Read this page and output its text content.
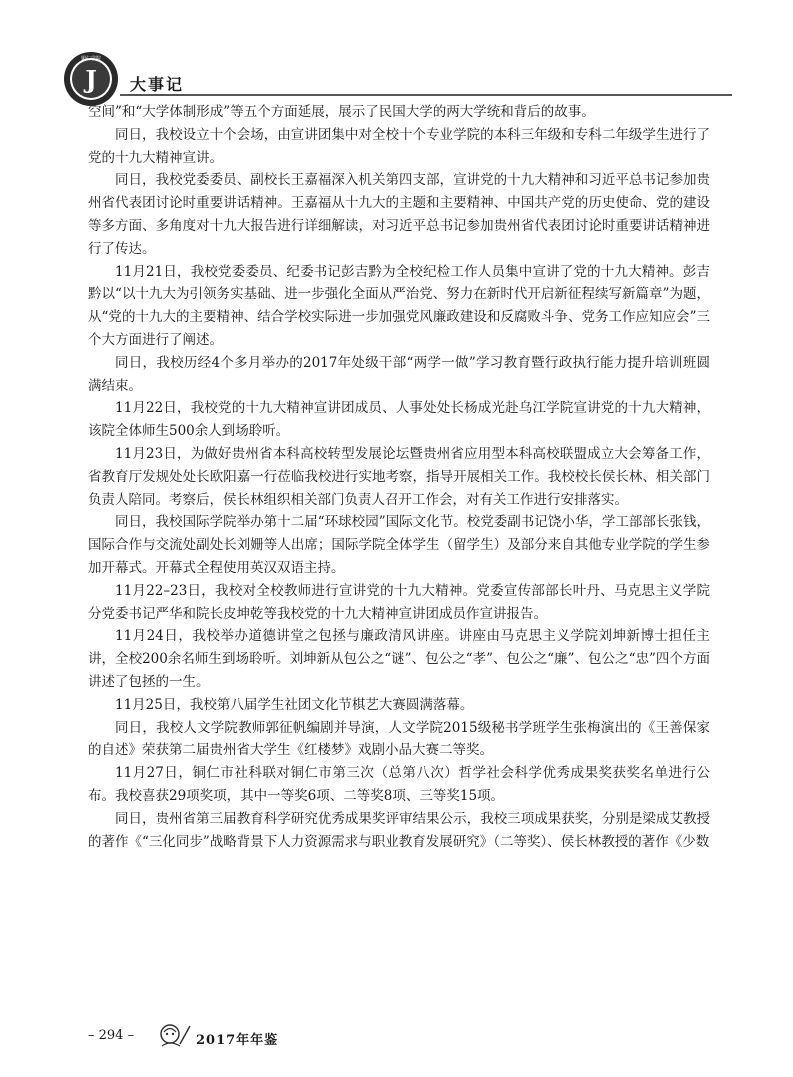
J
铜仁学院
大事记

空间”和“大学体制形成”等五个方面延展，展示了民国大学的两大学统和背后的故事。

同日，我校设立十个会场，由宣讲团集中对全校十个专业学院的本科三年级和专科二年级学生进行了党的十九大精神宣讲。

同日，我校党委委员、副校长王嘉福深入机关第四支部，宣讲党的十九大精神和习近平总书记参加贵州省代表团讨论时重要讲话精神。王嘉福从十九大的主题和主要精神、中国共产党的历史使命、党的建设等多方面、多角度对十九大报告进行详细解读，对习近平总书记参加贵州省代表团讨论时重要讲话精神进行了传达。

11月21日，我校党委委员、纪委书记彭吉黔为全校纪检工作人员集中宣讲了党的十九大精神。彭吉黔以“以十九大为引领务实基础、进一步强化全面从严治党、努力在新时代开启新征程续写新篇章”为题，从“党的十九大的主要精神、结合学校实际进一步加强党风廉政建设和反腐败斗争、党务工作应知应会”三个大方面进行了阐述。

同日，我校历经4个多月举办的2017年处级干部“两学一做”学习教育暨行政执行能力提升培训班圆满结束。

11月22日，我校党的十九大精神宣讲团成员、人事处处长杨成光赴乌江学院宣讲党的十九大精神，该院全体师生500余人到场聆听。

11月23日，为做好贵州省本科高校转型发展论坛暨贵州省应用型本科高校联盟成立大会筹备工作，省教育厅发规处处长欧阳嘉一行莅临我校进行实地考察，指导开展相关工作。我校校长侯长林、相关部门负责人陪同。考察后，侯长林组织相关部门负责人召开工作会，对有关工作进行安排落实。

同日，我校国际学院举办第十二届“环球校园”国际文化节。校党委副书记饶小华，学工部部长张钱，国际合作与交流处副处长刘姗等人出席；国际学院全体学生（留学生）及部分来自其他专业学院的学生参加开幕式。开幕式全程使用英汉双语主持。

11月22–23日，我校对全校教师进行宣讲党的十九大精神。党委宣传部部长叶丹、马克思主义学院分党委书记严华和院长皮坤乾等我校党的十九大精神宣讲团成员作宣讲报告。

11月24日，我校举办道德讲堂之包拯与廉政清风讲座。讲座由马克思主义学院刘坤新博士担任主讲，全校200余名师生到场聆听。刘坤新从包公之“谜”、包公之“孝”、包公之“廉”、包公之“忠”四个方面讲述了包拯的一生。

11月25日，我校第八届学生社团文化节棋艺大赛圆满落幕。

同日，我校人文学院教师郭征帆编剧并导演，人文学院2015级秘书学班学生张梅演出的《王善保家的自述》荣获第二届贵州省大学生《红楼梦》戏剧小品大赛二等奖。

11月27日，铜仁市社科联对铜仁市第三次（总第八次）哲学社会科学优秀成果奖获奖名单进行公布。我校喜获29项奖项，其中一等奖6项、二等奖8项、三等奖15项。

同日，贵州省第三届教育科学研究优秀成果奖评审结果公示，我校三项成果获奖，分别是梁成艾教授的著作《“三化同步”战略背景下人力资源需求与职业教育发展研究》（二等奖）、侯长林教授的著作《少数

– 294 –	2017年年鉴
